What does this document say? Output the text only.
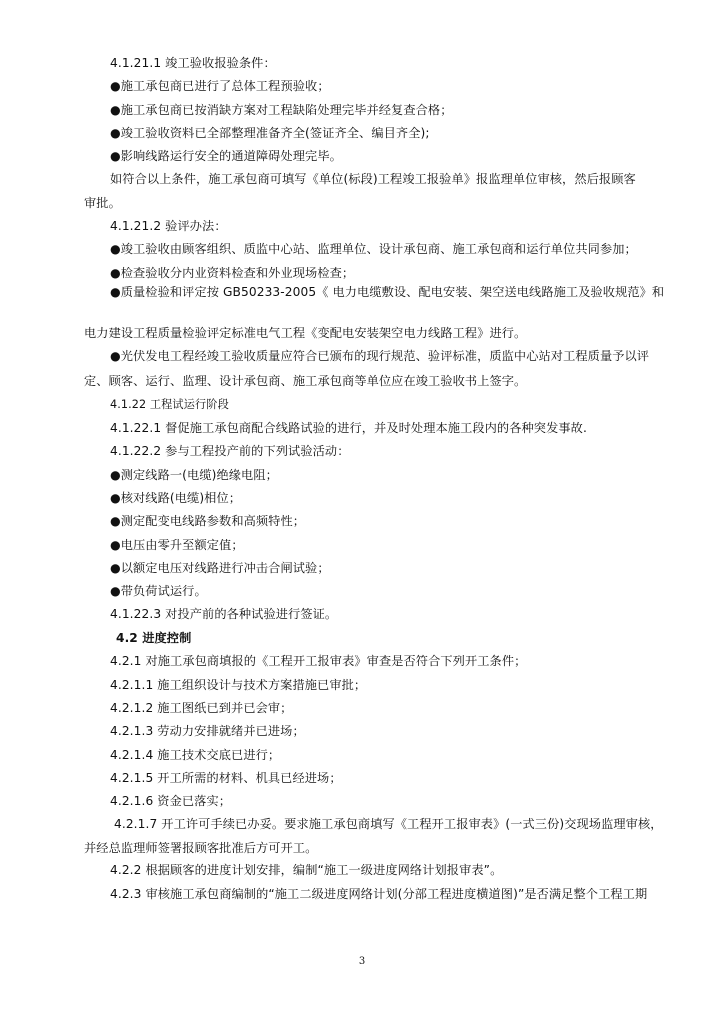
4.1.21.1 竣工验收报验条件：
●施工承包商已进行了总体工程预验收；
●施工承包商已按消缺方案对工程缺陷处理完毕并经复查合格；
●竣工验收资料已全部整理准备齐全(签证齐全、编目齐全);
●影响线路运行安全的通道障碍处理完毕。
如符合以上条件，施工承包商可填写《单位(标段)工程竣工报验单》报监理单位审核，然后报顾客
审批。
4.1.21.2 验评办法：
●竣工验收由顾客组织、质监中心站、监理单位、设计承包商、施工承包商和运行单位共同参加；
●检查验收分内业资料检查和外业现场检查；
●质量检验和评定按 GB50233-2005《 电力电缆敷设、配电安装、架空送电线路施工及验收规范》和
电力建设工程质量检验评定标准电气工程《变配电安装架空电力线路工程》进行。
●光伏发电工程经竣工验收质量应符合已颁布的现行规范、验评标准，质监中心站对工程质量予以评
定、顾客、运行、监理、设计承包商、施工承包商等单位应在竣工验收书上签字。
4.1.22 工程试运行阶段
4.1.22.1 督促施工承包商配合线路试验的进行，并及时处理本施工段内的各种突发事故.
4.1.22.2 参与工程投产前的下列试验活动：
●测定线路一(电缆)绝缘电阻；
●核对线路(电缆)相位；
●测定配变电线路参数和高频特性；
●电压由零升至额定值；
●以额定电压对线路进行冲击合闸试验；
●带负荷试运行。
4.1.22.3 对投产前的各种试验进行签证。
4.2 进度控制
4.2.1 对施工承包商填报的《工程开工报审表》审查是否符合下列开工条件；
4.2.1.1 施工组织设计与技术方案措施已审批；
4.2.1.2 施工图纸已到并已会审；
4.2.1.3 劳动力安排就绪并已进场；
4.2.1.4 施工技术交底已进行；
4.2.1.5 开工所需的材料、机具已经进场；
4.2.1.6 资金已落实；
4.2.1.7 开工许可手续已办妥。要求施工承包商填写《工程开工报审表》(一式三份)交现场监理审核，
并经总监理师签署报顾客批准后方可开工。
4.2.2 根据顾客的进度计划安排，编制“施工一级进度网络计划报审表”。
4.2.3 审核施工承包商编制的“施工二级进度网络计划(分部工程进度横道图)”是否满足整个工程工期
3
